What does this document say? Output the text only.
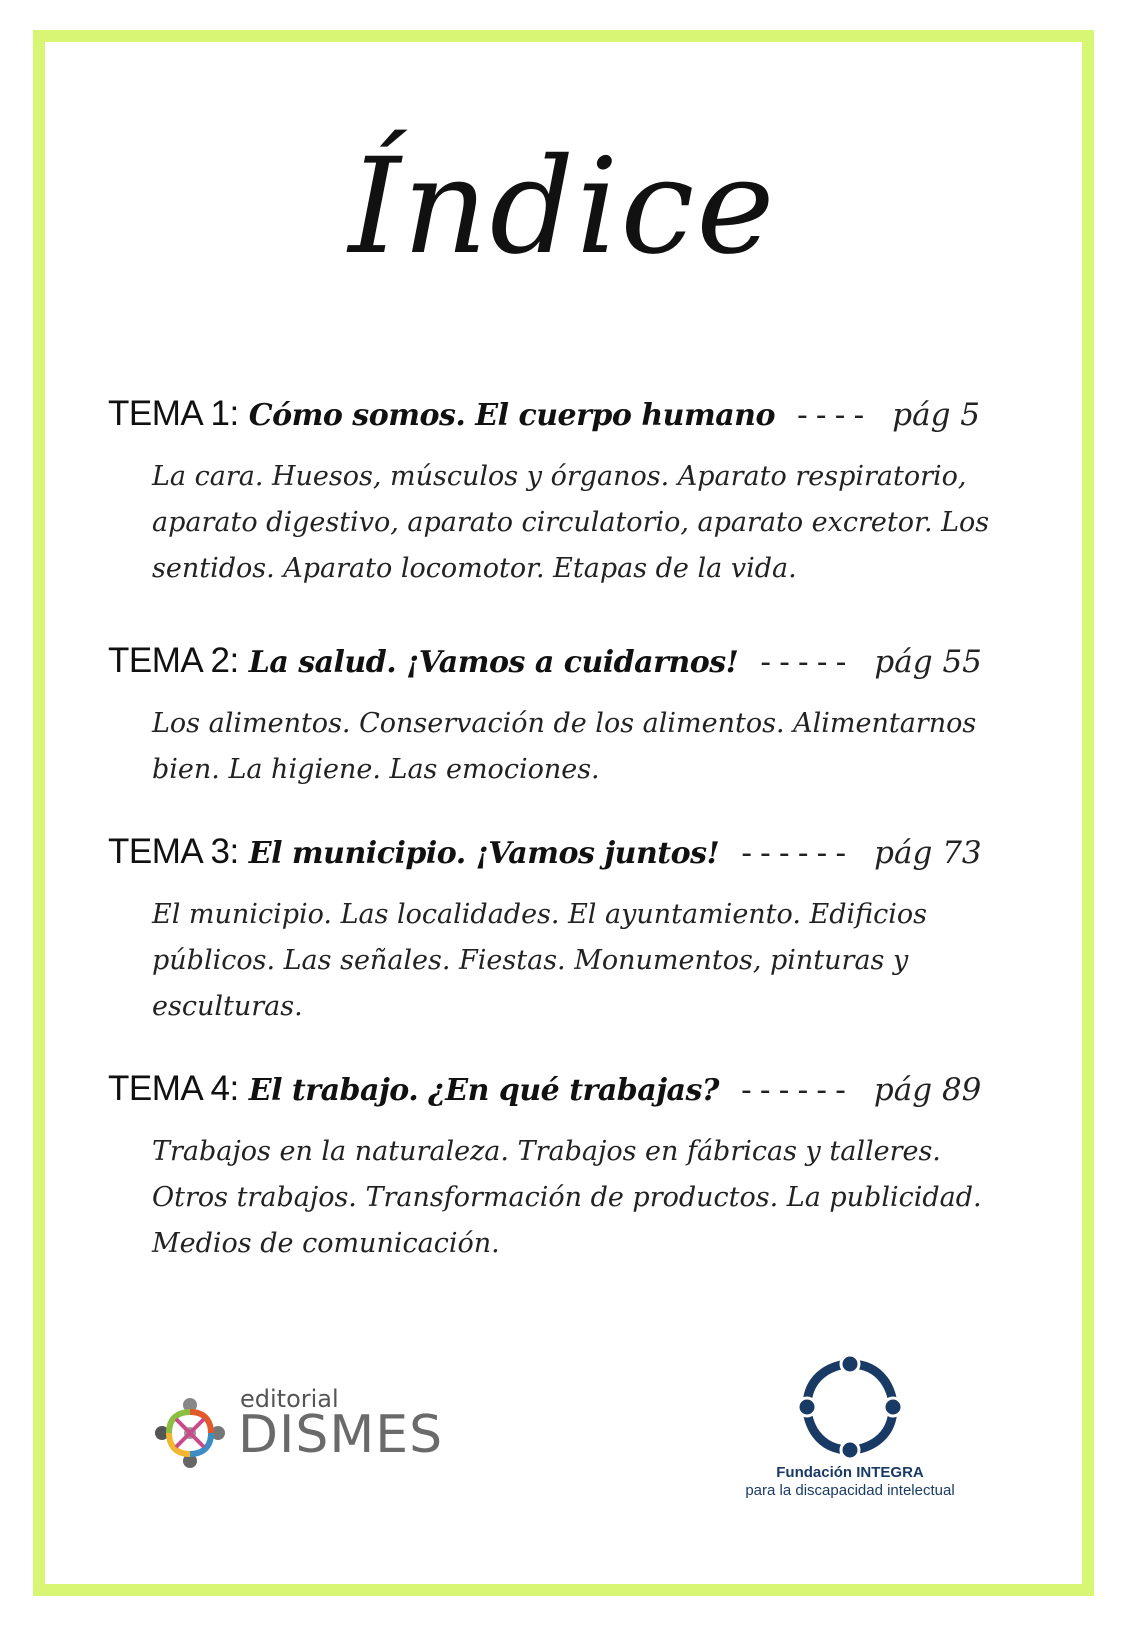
Índice
TEMA 1: Cómo somos. El cuerpo humano ---- pág 5
La cara. Huesos, músculos y órganos. Aparato respiratorio, aparato digestivo, aparato circulatorio, aparato excretor. Los sentidos. Aparato locomotor. Etapas de la vida.
TEMA 2: La salud. ¡Vamos a cuidarnos! ----- pág 55
Los alimentos. Conservación de los alimentos. Alimentarnos bien. La higiene. Las emociones.
TEMA 3: El municipio. ¡Vamos juntos! ------ pág 73
El municipio. Las localidades. El ayuntamiento. Edificios públicos. Las señales. Fiestas. Monumentos, pinturas y esculturas.
TEMA 4: El trabajo. ¿En qué trabajas? ------ pág 89
Trabajos en la naturaleza. Trabajos en fábricas y talleres. Otros trabajos. Transformación de productos. La publicidad. Medios de comunicación.
editorial
DISMES
Fundación INTEGRA
para la discapacidad intelectual
